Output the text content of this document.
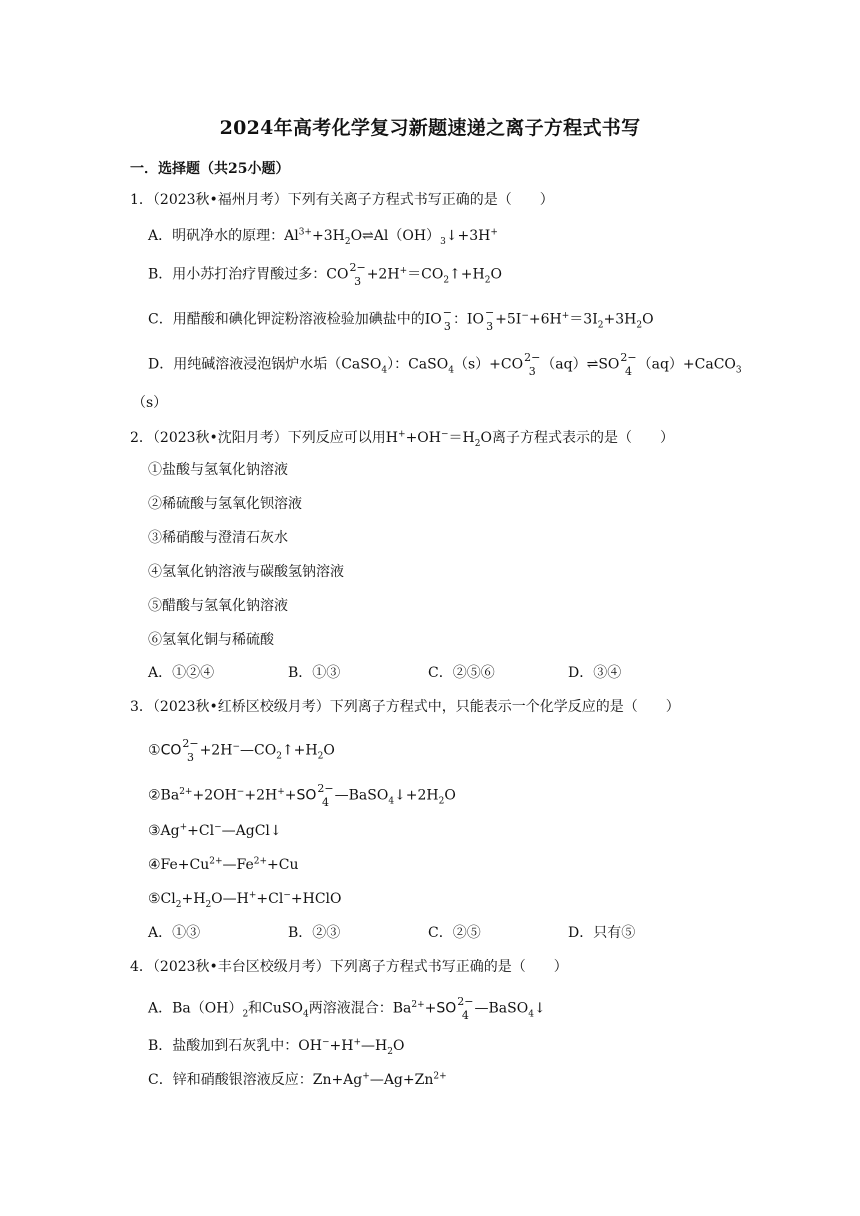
2024年高考化学复习新题速递之离子方程式书写
一．选择题（共25小题）
1．（2023秋•福州月考）下列有关离子方程式书写正确的是（　　）
A．明矾净水的原理：$Al^{3+}+3H_2O\rightleftharpoons Al(OH)_3↓+3H^+$
B．用小苏打治疗胃酸过多：CO 2−
$3 +2H^+=CO_2↑+H_2O$
C．用醋酸和碘化钾淀粉溶液检验加碘盐中的IO −
3 ：IO −
$3 +5I^-+6H^+=3I_2+3H_2O$
D．用纯碱溶液浸泡锅炉水垢（CaSO$_4$）：CaSO$_4$（s）+CO 2−
3 （aq）⇌SO 2−
4 （aq）+CaCO$_3$
（s）
2．（2023秋•沈阳月考）下列反应可以用$H^++OH^-=H_2O$离子方程式表示的是（　　）
①盐酸与氢氧化钠溶液
②稀硫酸与氢氧化钡溶液
③稀硝酸与澄清石灰水
④氢氧化钠溶液与碳酸氢钠溶液
⑤醋酸与氢氧化钠溶液
⑥氢氧化铜与稀硫酸
A．①②④	B．①③	C．②⑤⑥	D．③④
3．（2023秋•红桥区校级月考）下列离子方程式中，只能表示一个化学反应的是（　　）
①CO 2−
$3 +2H^-—CO_2↑+H_2O$
$②Ba^{2+}+2OH^-+2H^++SO$ 2−
4 $—BaSO_4↓+2H_2O$
③Ag++Cl−—AgCl↓
$④Fe+Cu^{2+}—Fe^{2+}+Cu$
$⑤Cl_2+H_2O—H^++Cl^-+HClO$
A．①③	B．②③	C．②⑤	D．只有⑤
4．（2023秋•丰台区校级月考）下列离子方程式书写正确的是（　　）
A．$Ba(OH)_2$和CuSO$_4$两溶液混合：$Ba^{2+}+SO$ 2−
4 —BaSO$_4$↓
B．盐酸加到石灰乳中：$OH^-+H^+—H_2O$
C．锌和硝酸银溶液反应：$Zn+Ag^+—Ag+Zn^{2+}$
